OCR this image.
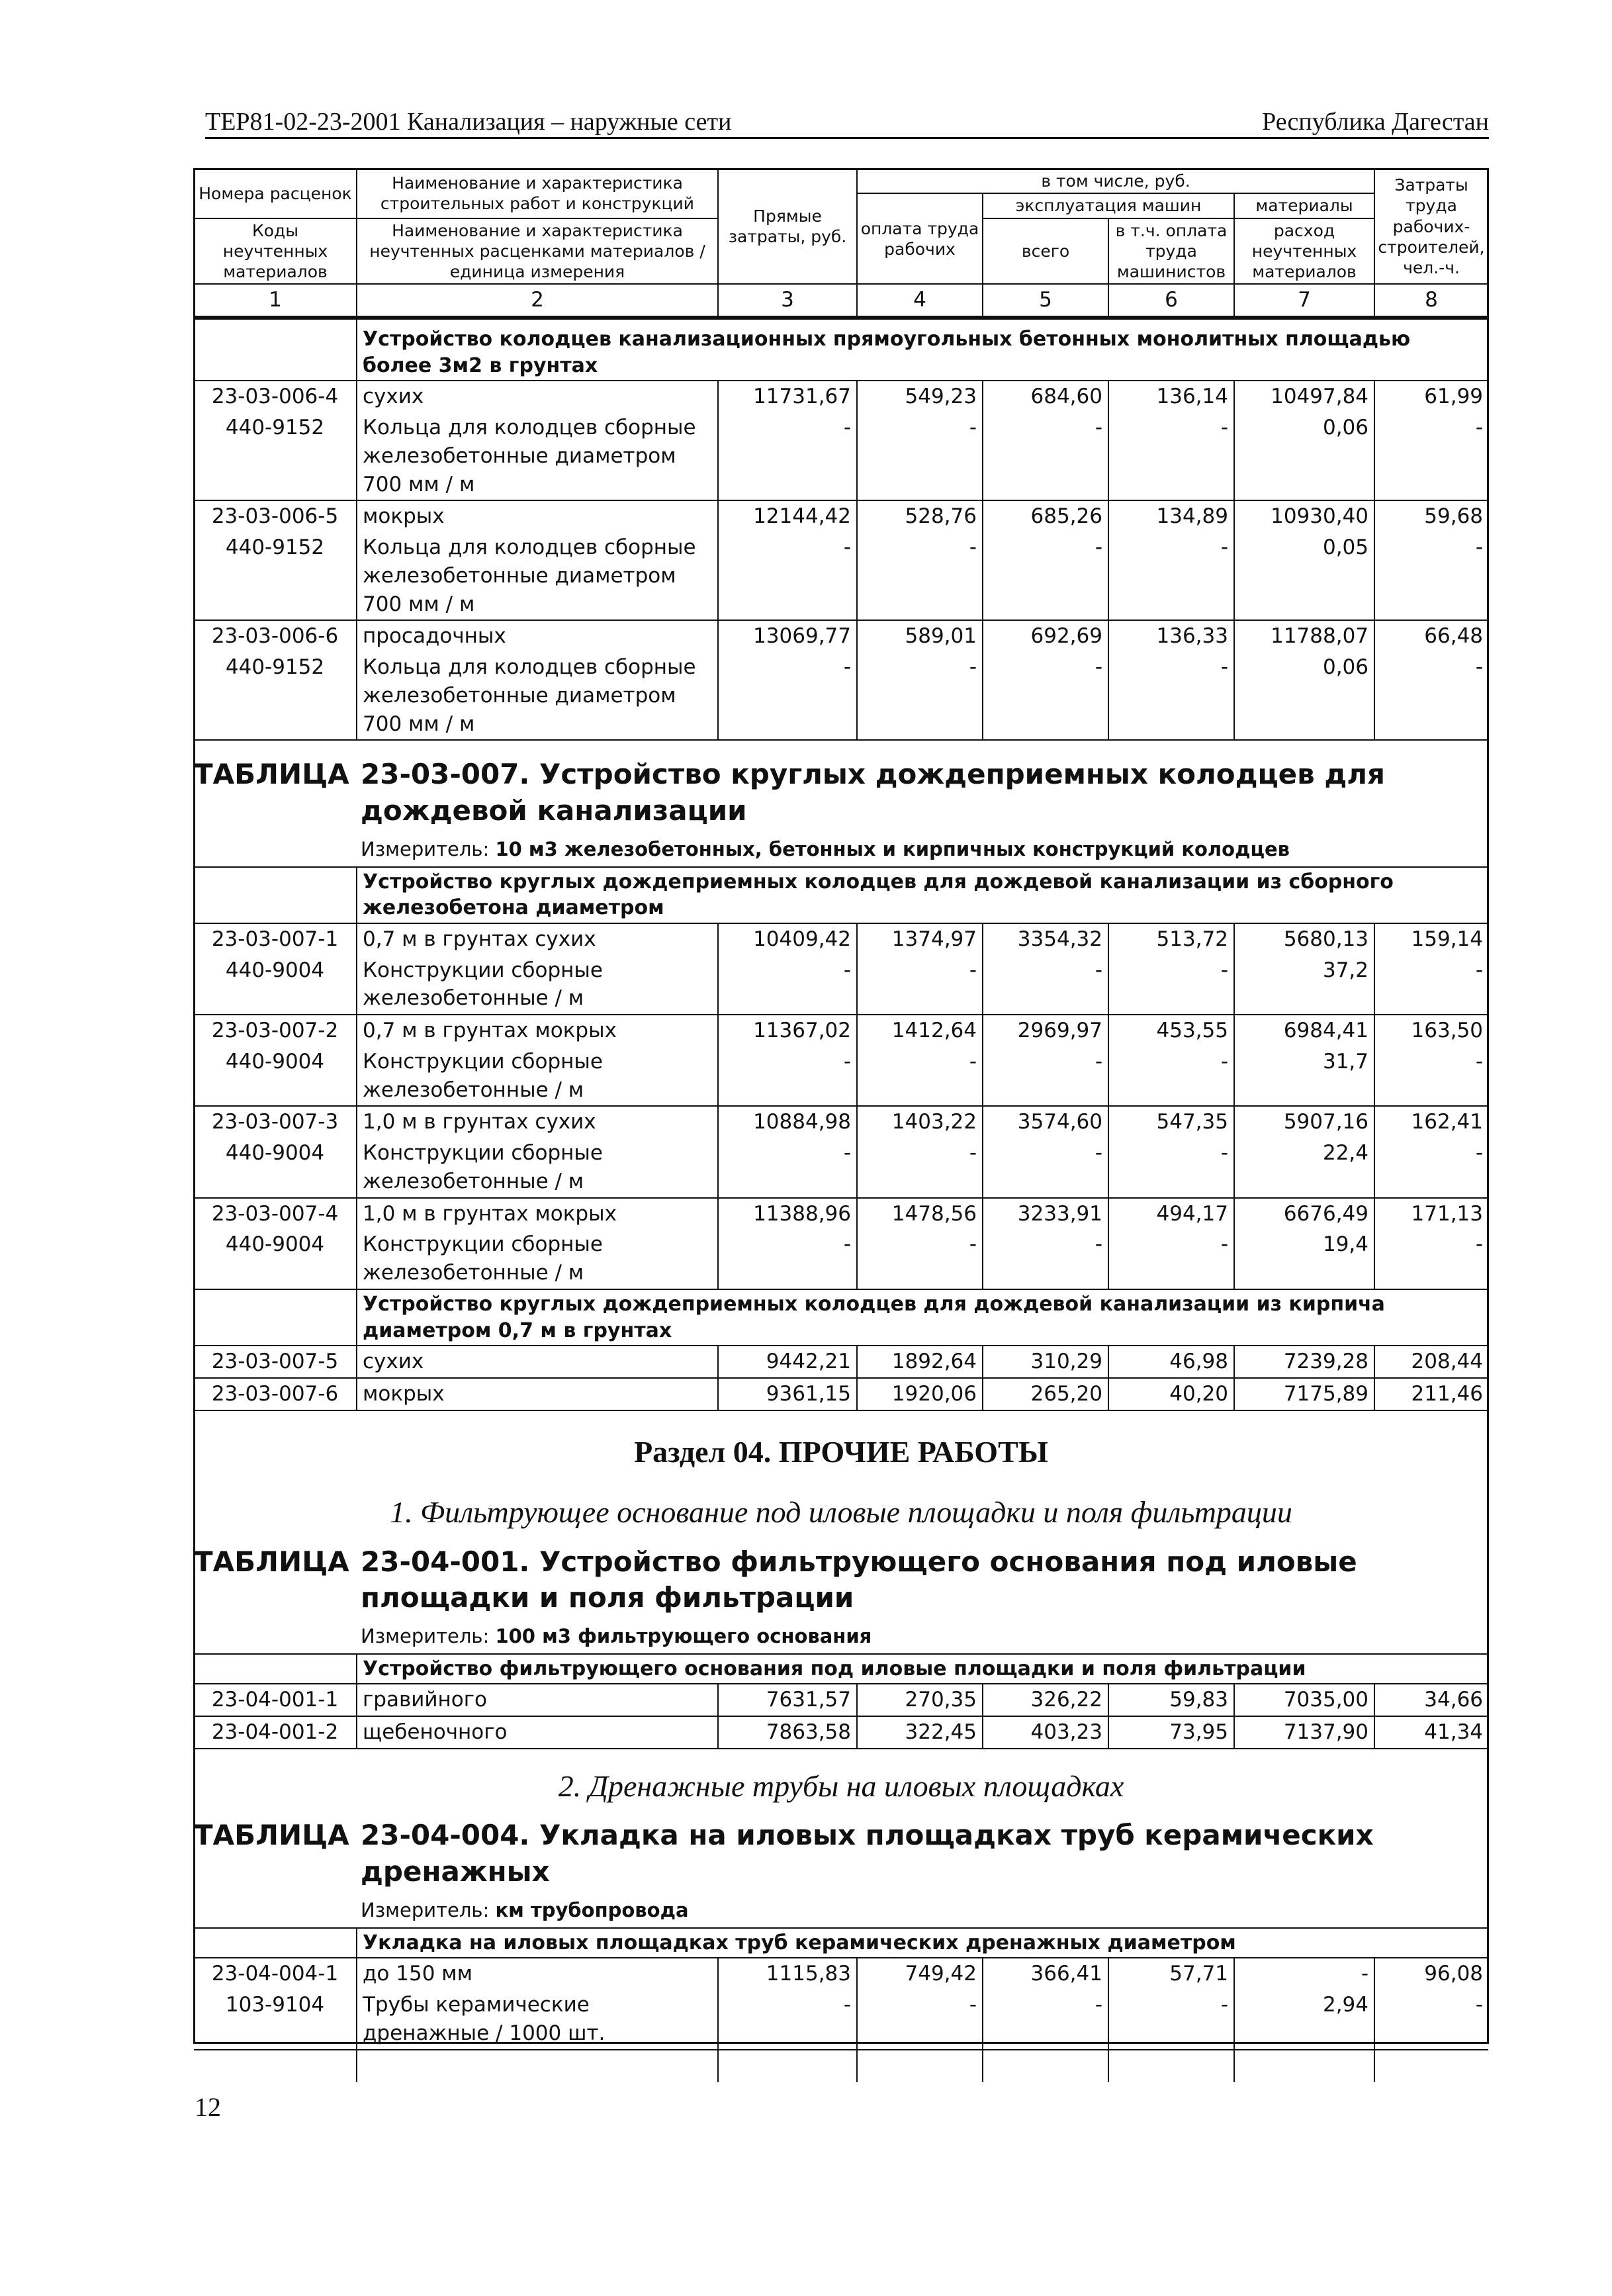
ТЕР81-02-23-2001 Канализация – наружные сети	Республика Дагестан
Номера расценок	Наименование и характеристика строительных работ и конструкций	Прямые затраты, руб.	в том числе, руб.				Затраты труда рабочих-строителей, чел.-ч.
			оплата труда рабочих	эксплуатация машин		материалы	
Коды неучтенных материалов	Наименование и характеристика неучтенных расценками материалов / единица измерения			всего	в т.ч. оплата труда машинистов	расход неучтенных материалов	

1	2	3	4	5	6	7	8
	Устройство колодцев канализационных прямоугольных бетонных монолитных площадью более 3м2 в грунтах						
23-03-006-4	сухих	11731,67	549,23	684,60	136,14	10497,84	61,99
440-9152	Кольца для колодцев сборные железобетонные диаметром 700 мм / м	-	-	-	-	0,06	-
23-03-006-5	мокрых	12144,42	528,76	685,26	134,89	10930,40	59,68
440-9152	Кольца для колодцев сборные железобетонные диаметром 700 мм / м	-	-	-	-	0,05	-
23-03-006-6	просадочных	13069,77	589,01	692,69	136,33	11788,07	66,48
440-9152	Кольца для колодцев сборные железобетонные диаметром 700 мм / м	-	-	-	-	0,06	-

ТАБЛИЦА 23-03-007. Устройство круглых дождеприемных колодцев для дождевой канализации
Измеритель: 10 м3 железобетонных, бетонных и кирпичных конструкций колодцев							

	Устройство круглых дождеприемных колодцев для дождевой канализации из сборного железобетона диаметром						
23-03-007-1	0,7 м в грунтах сухих	10409,42	1374,97	3354,32	513,72	5680,13	159,14
440-9004	Конструкции сборные железобетонные / м	-	-	-	-	37,2	-
23-03-007-2	0,7 м в грунтах мокрых	11367,02	1412,64	2969,97	453,55	6984,41	163,50
440-9004	Конструкции сборные железобетонные / м	-	-	-	-	31,7	-
23-03-007-3	1,0 м в грунтах сухих	10884,98	1403,22	3574,60	547,35	5907,16	162,41
440-9004	Конструкции сборные железобетонные / м	-	-	-	-	22,4	-
23-03-007-4	1,0 м в грунтах мокрых	11388,96	1478,56	3233,91	494,17	6676,49	171,13
440-9004	Конструкции сборные железобетонные / м	-	-	-	-	19,4	-
	Устройство круглых дождеприемных колодцев для дождевой канализации из кирпича диаметром 0,7 м в грунтах						
23-03-007-5	сухих	9442,21	1892,64	310,29	46,98	7239,28	208,44
23-03-007-6	мокрых	9361,15	1920,06	265,20	40,20	7175,89	211,46

Раздел 04. ПРОЧИЕ РАБОТЫ
1. Фильтрующее основание под иловые площадки и поля фильтрации
ТАБЛИЦА 23-04-001. Устройство фильтрующего основания под иловые площадки и поля фильтрации
Измеритель: 100 м3 фильтрующего основания							

	Устройство фильтрующего основания под иловые площадки и поля фильтрации						
23-04-001-1	гравийного	7631,57	270,35	326,22	59,83	7035,00	34,66
23-04-001-2	щебеночного	7863,58	322,45	403,23	73,95	7137,90	41,34

2. Дренажные трубы на иловых площадках
ТАБЛИЦА 23-04-004. Укладка на иловых площадках труб керамических дренажных
Измеритель: км трубопровода							

	Укладка на иловых площадках труб керамических дренажных диаметром						
23-04-004-1	до 150 мм	1115,83	749,42	366,41	57,71	-	96,08
103-9104	Трубы керамические дренажные / 1000 шт.	-	-	-	-	2,94	-

12
